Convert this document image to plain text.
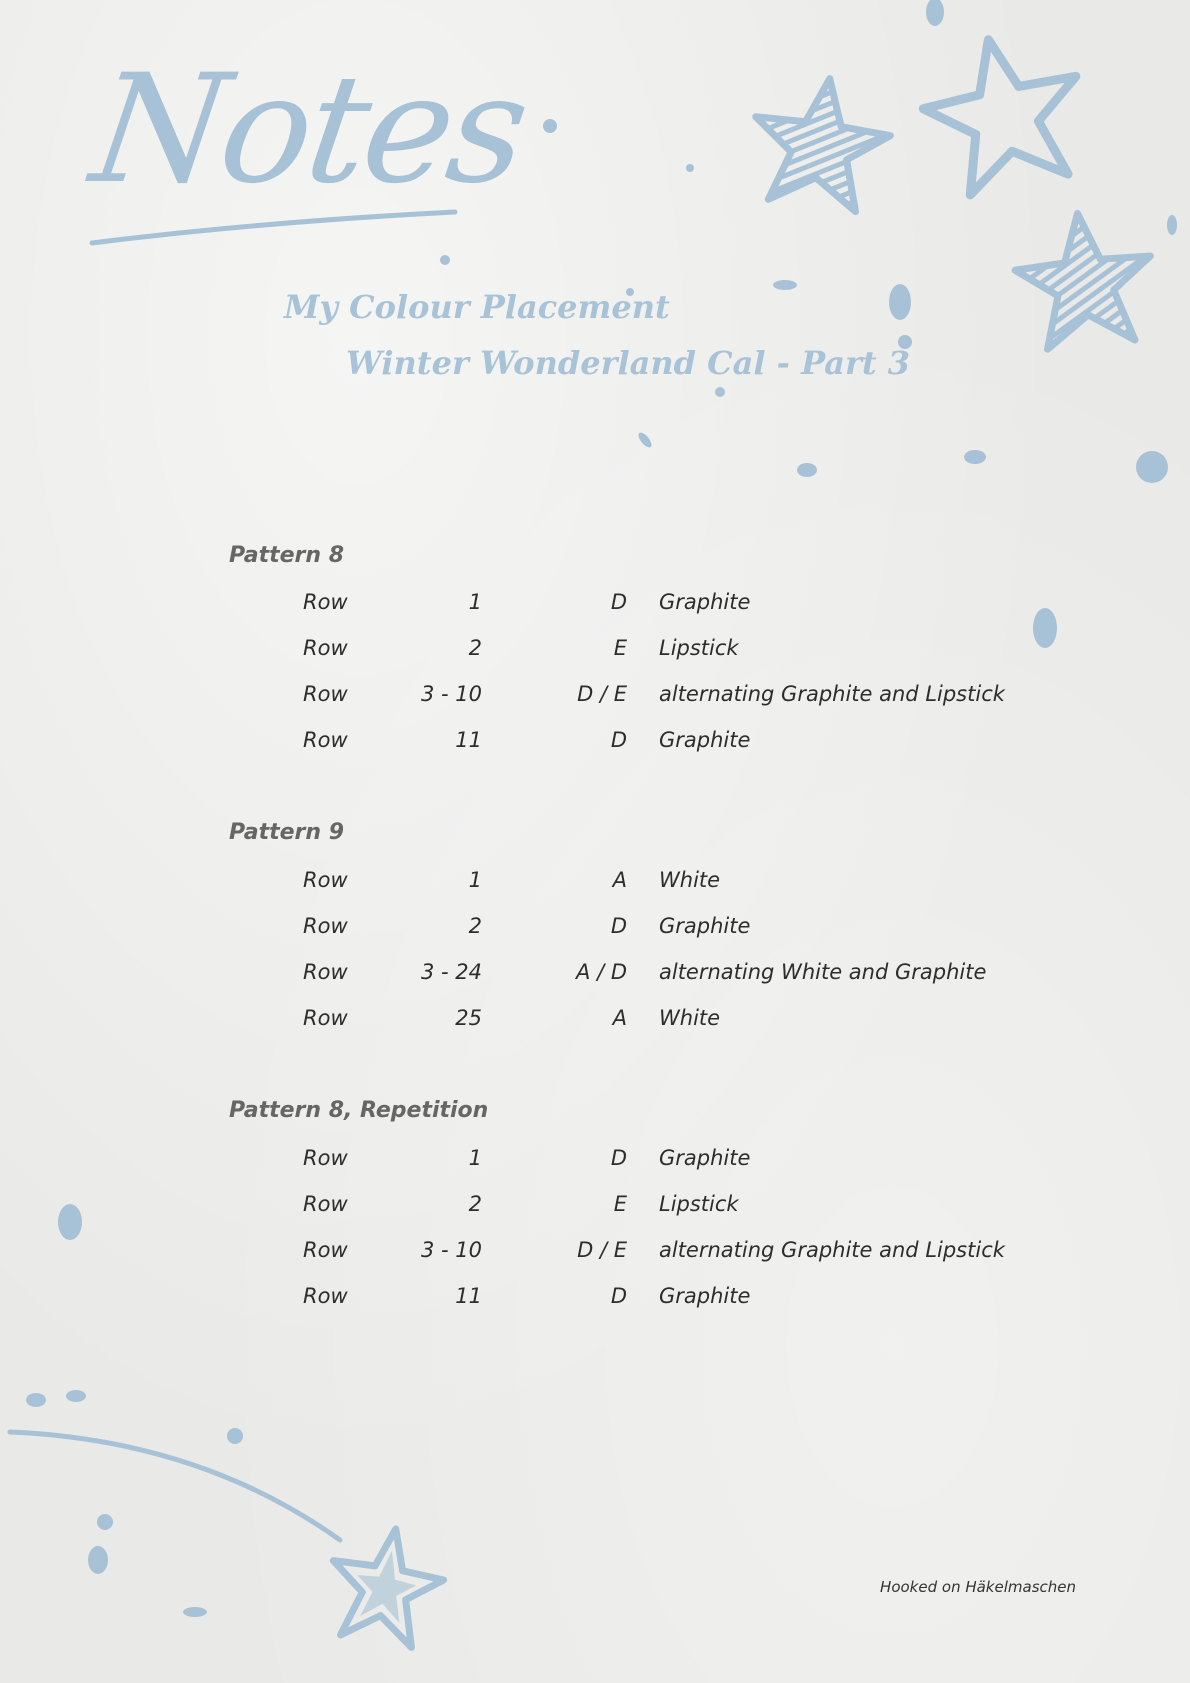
Notes
My Colour Placement
Winter Wonderland Cal - Part 3
Pattern 8
Row	1	D Graphite
Row	2	E Lipstick
Row	3 - 10	D / E alternating Graphite and Lipstick
Row	11	D Graphite
Pattern 9
Row	1	A White
Row	2	D Graphite
Row	3 - 24	A / D alternating White and Graphite
Row	25	A White
Pattern 8, Repetition
Row	1	D Graphite
Row	2	E Lipstick
Row	3 - 10	D / E alternating Graphite and Lipstick
Row	11	D Graphite
Hooked on Häkelmaschen
